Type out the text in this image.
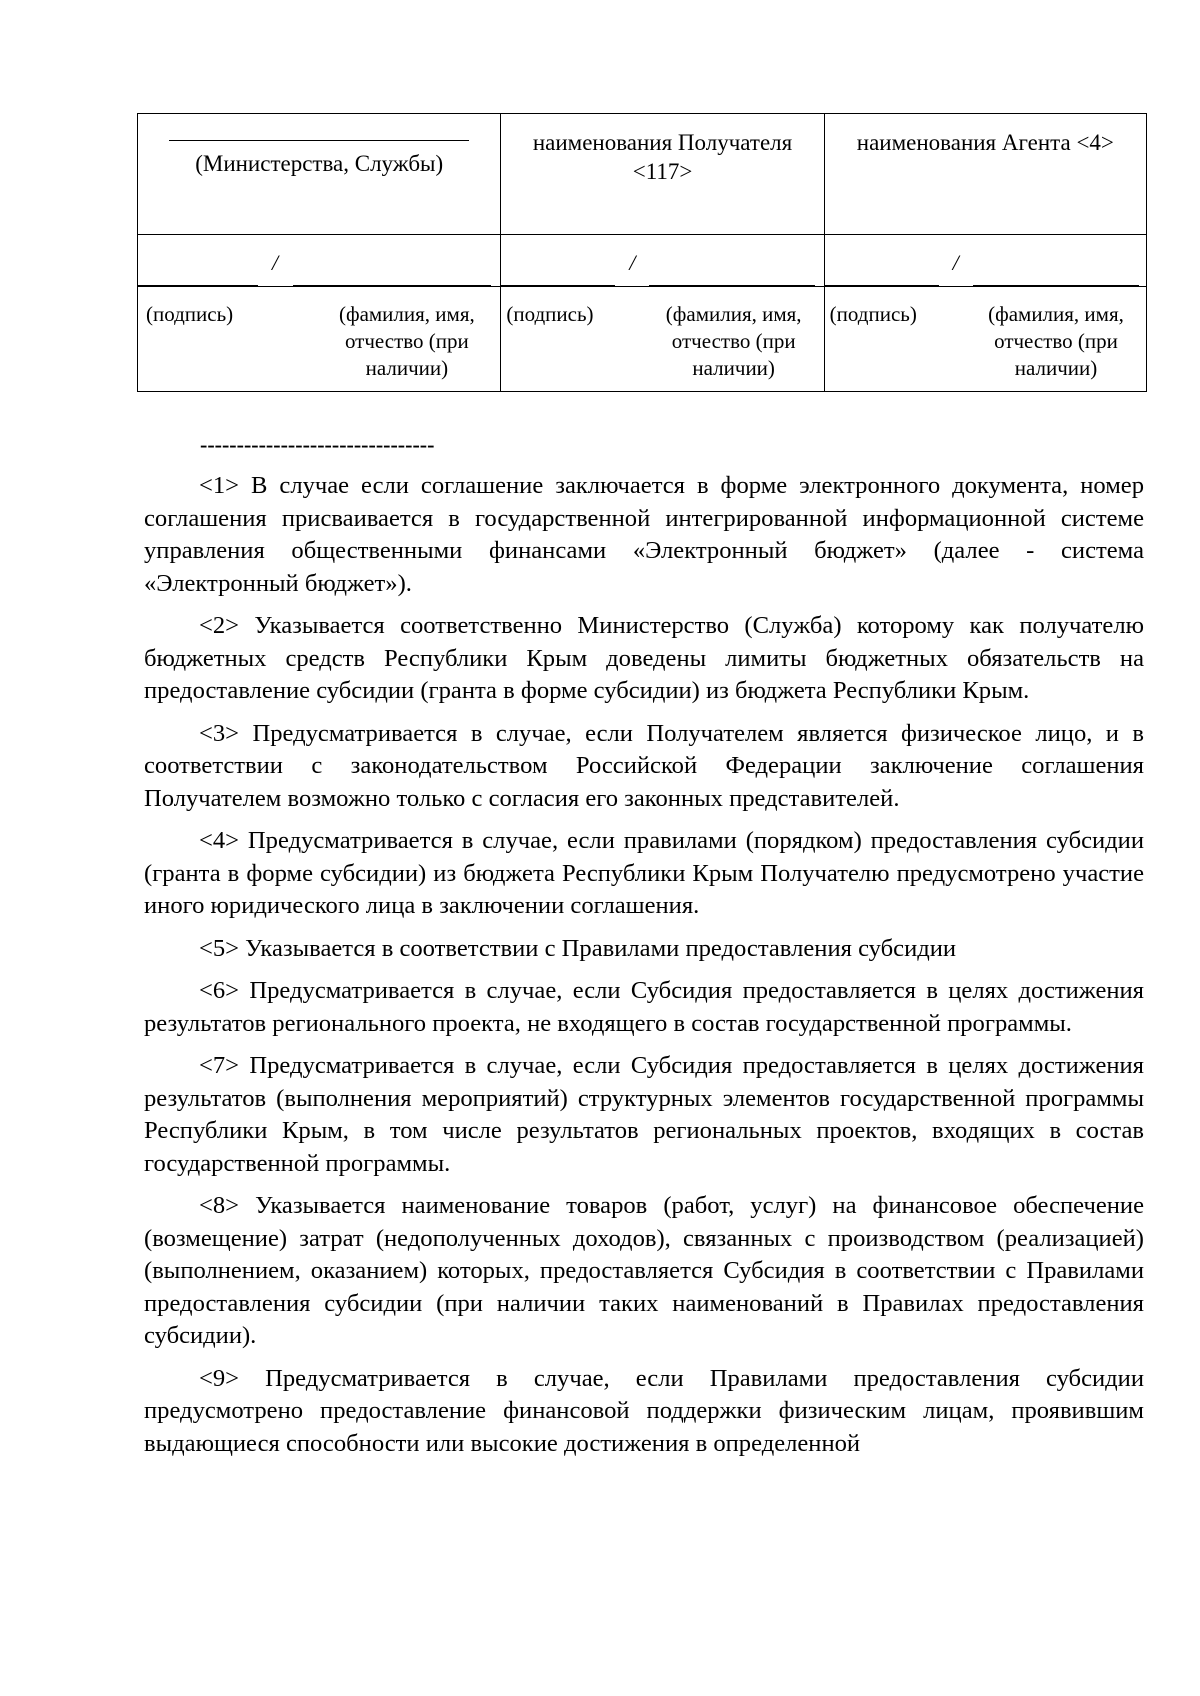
(Министерства, Службы)	наименования Получателя <117>	наименования Агента <4>

/	/	/

(подпись) (фамилия, имя, отчество (при наличии)	(подпись) (фамилия, имя, отчество (при наличии)	(подпись) (фамилия, имя, отчество (при наличии)
--------------------------------

<1> В случае если соглашение заключается в форме электронного документа, номер соглашения присваивается в государственной интегрированной информационной системе управления общественными финансами «Электронный бюджет» (далее - система «Электронный бюджет»).

<2> Указывается соответственно Министерство (Служба) которому как получателю бюджетных средств Республики Крым доведены лимиты бюджетных обязательств на предоставление субсидии (гранта в форме субсидии) из бюджета Республики Крым.

<3> Предусматривается в случае, если Получателем является физическое лицо, и в соответствии с законодательством Российской Федерации заключение соглашения Получателем возможно только с согласия его законных представителей.

<4> Предусматривается в случае, если правилами (порядком) предоставления субсидии (гранта в форме субсидии) из бюджета Республики Крым Получателю предусмотрено участие иного юридического лица в заключении соглашения.

<5> Указывается в соответствии с Правилами предоставления субсидии

<6> Предусматривается в случае, если Субсидия предоставляется в целях достижения результатов регионального проекта, не входящего в состав государственной программы.

<7> Предусматривается в случае, если Субсидия предоставляется в целях достижения результатов (выполнения мероприятий) структурных элементов государственной программы Республики Крым, в том числе результатов региональных проектов, входящих в состав государственной программы.

<8> Указывается наименование товаров (работ, услуг) на финансовое обеспечение (возмещение) затрат (недополученных доходов), связанных с производством (реализацией) (выполнением, оказанием) которых, предоставляется Субсидия в соответствии с Правилами предоставления субсидии (при наличии таких наименований в Правилах предоставления субсидии).

<9> Предусматривается в случае, если Правилами предоставления субсидии предусмотрено предоставление финансовой поддержки физическим лицам, проявившим выдающиеся способности или высокие достижения в определенной
